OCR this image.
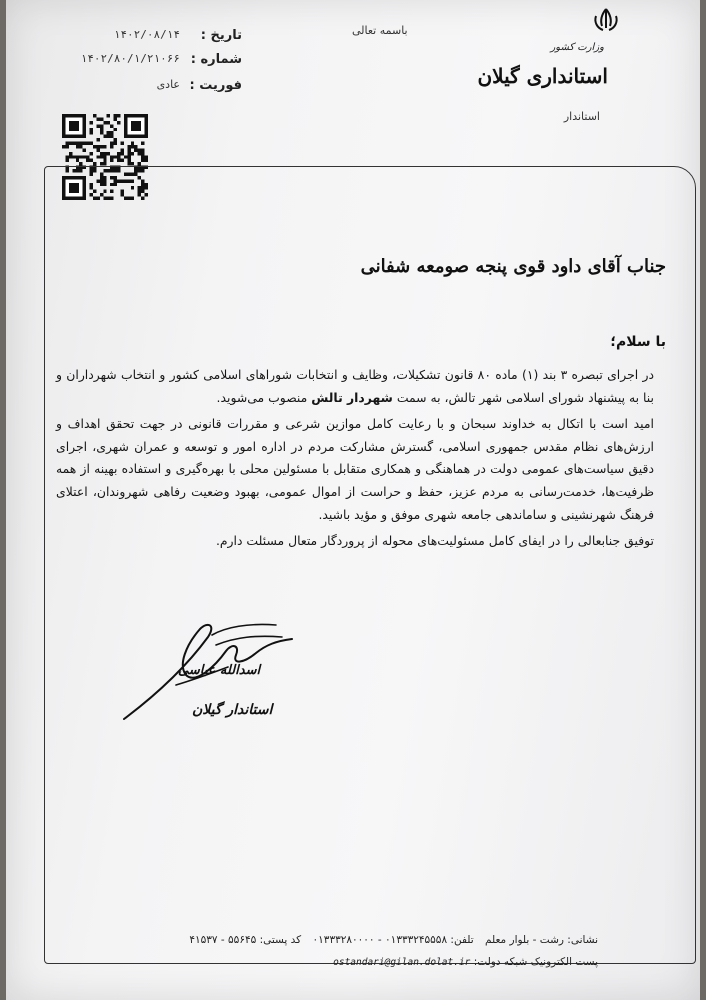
تاریخ :
۱۴۰۲/۰۸/۱۴
شماره :
۱۴۰۲/۸۰/۱/۲۱۰۶۶
فوریت :
عادی
باسمه تعالی
وزارت کشور
استانداری گیلان
استاندار
جناب آقای داود قوی پنجه صومعه شفانی
با سلام؛

در اجرای تبصره ۳ بند (۱) ماده ۸۰ قانون تشکیلات، وظایف و انتخابات شوراهای اسلامی کشور و انتخاب شهرداران و بنا به پیشنهاد شورای اسلامی شهر تالش، به سمت شهردار تالش منصوب می‌شوید.

امید است با اتکال به خداوند سبحان و با رعایت کامل موازین شرعی و مقررات قانونی در جهت تحقق اهداف و ارزش‌های نظام مقدس جمهوری اسلامی، گسترش مشارکت مردم در اداره امور و توسعه و عمران شهری، اجرای دقیق سیاست‌های عمومی دولت در هماهنگی و همکاری متقابل با مسئولین محلی با بهره‌گیری و استفاده بهینه از همه ظرفیت‌ها، خدمت‌رسانی به مردم عزیز، حفظ و حراست از اموال عمومی، بهبود وضعیت رفاهی شهروندان، اعتلای فرهنگ شهرنشینی و ساماندهی جامعه شهری موفق و مؤید باشید.

توفیق جنابعالی را در ایفای کامل مسئولیت‌های محوله از پروردگار متعال مسئلت دارم.

اسدالله عباسی
استاندار گیلان
نشانی: رشت - بلوار معلم تلفن: ۰۱۳۳۳۲۴۵۵۵۸ - ۰۱۳۳۳۲۸۰۰۰۰ کد پستی: ۵۵۶۴۵ - ۴۱۵۳۷
پست الکترونیک شبکه دولت: ostandari@gilan.dolat.ir
